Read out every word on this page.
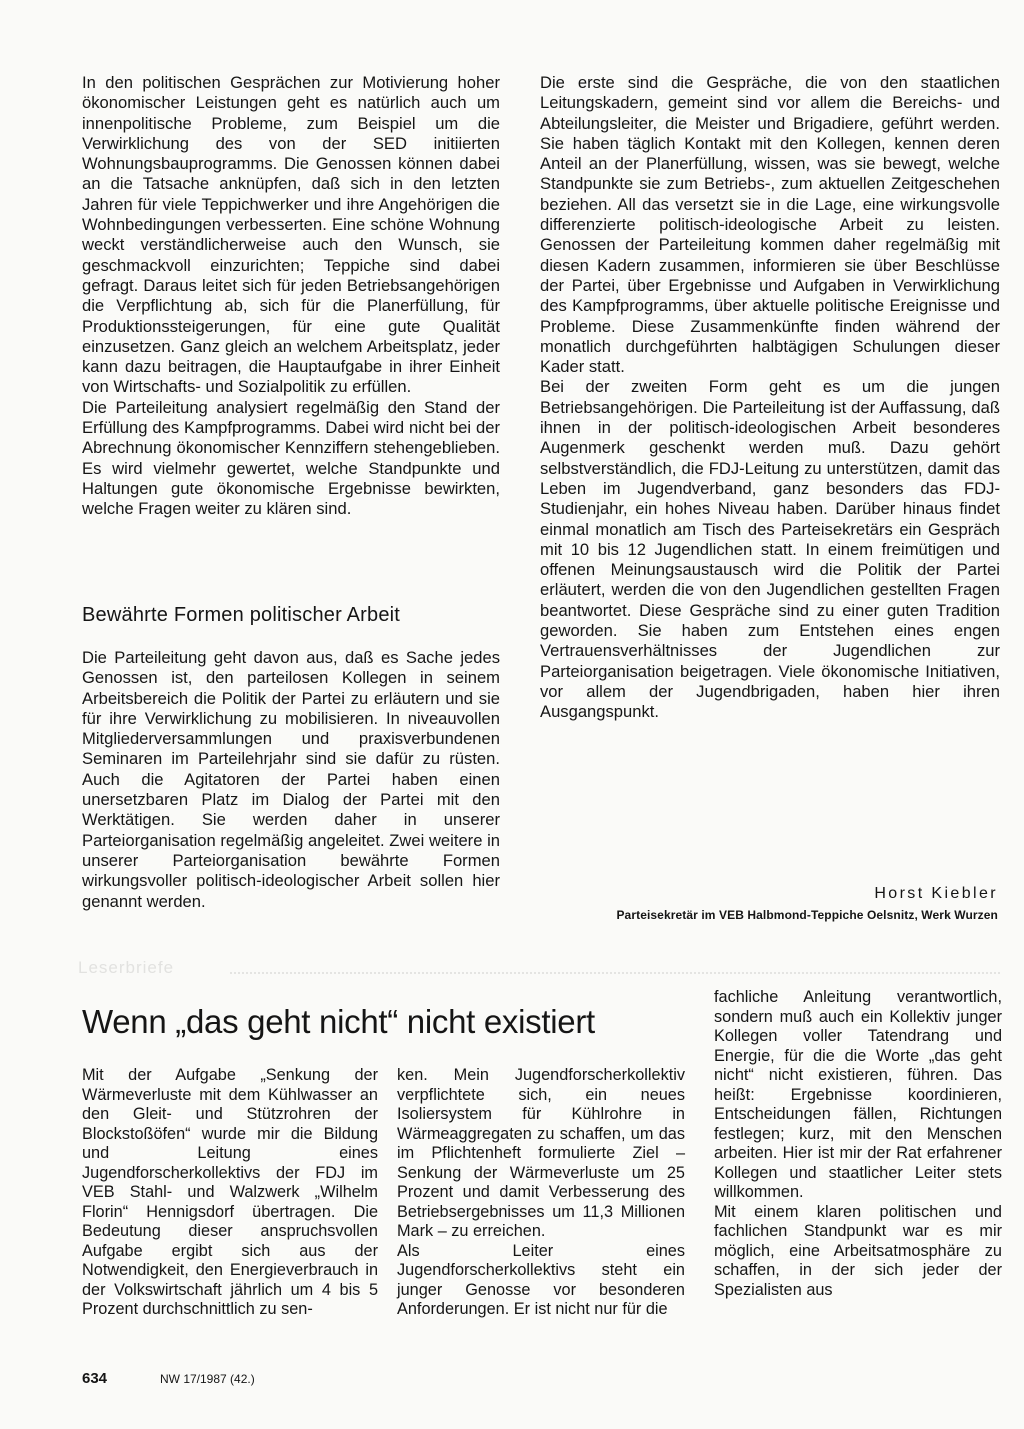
In den politischen Gesprächen zur Motivierung hoher ökonomischer Leistungen geht es natürlich auch um innenpolitische Probleme, zum Beispiel um die Verwirklichung des von der SED initiierten Wohnungsbauprogramms. Die Genossen können dabei an die Tatsache anknüpfen, daß sich in den letzten Jahren für viele Teppichwerker und ihre Angehörigen die Wohnbedingungen verbesserten. Eine schöne Wohnung weckt verständlicherweise auch den Wunsch, sie geschmackvoll einzurichten; Teppiche sind dabei gefragt. Daraus leitet sich für jeden Betriebsangehörigen die Verpflichtung ab, sich für die Planerfüllung, für Produktionssteigerungen, für eine gute Qualität einzusetzen. Ganz gleich an welchem Arbeitsplatz, jeder kann dazu beitragen, die Hauptaufgabe in ihrer Einheit von Wirtschafts- und Sozialpolitik zu erfüllen.

Die Parteileitung analysiert regelmäßig den Stand der Erfüllung des Kampfprogramms. Dabei wird nicht bei der Abrechnung ökonomischer Kennziffern stehengeblieben. Es wird vielmehr gewertet, welche Standpunkte und Haltungen gute ökonomische Ergebnisse bewirkten, welche Fragen weiter zu klären sind.

Bewährte Formen politischer Arbeit

Die Parteileitung geht davon aus, daß es Sache jedes Genossen ist, den parteilosen Kollegen in seinem Arbeitsbereich die Politik der Partei zu erläutern und sie für ihre Verwirklichung zu mobilisieren. In niveauvollen Mitgliederversammlungen und praxisverbundenen Seminaren im Parteilehrjahr sind sie dafür zu rüsten. Auch die Agitatoren der Partei haben einen unersetzbaren Platz im Dialog der Partei mit den Werktätigen. Sie werden daher in unserer Parteiorganisation regelmäßig angeleitet. Zwei weitere in unserer Parteiorganisation bewährte Formen wirkungsvoller politisch-ideologischer Arbeit sollen hier genannt werden.

Die erste sind die Gespräche, die von den staatlichen Leitungskadern, gemeint sind vor allem die Bereichs- und Abteilungsleiter, die Meister und Brigadiere, geführt werden. Sie haben täglich Kontakt mit den Kollegen, kennen deren Anteil an der Planerfüllung, wissen, was sie bewegt, welche Standpunkte sie zum Betriebs-, zum aktuellen Zeitgeschehen beziehen. All das versetzt sie in die Lage, eine wirkungsvolle differenzierte politisch-ideologische Arbeit zu leisten. Genossen der Parteileitung kommen daher regelmäßig mit diesen Kadern zusammen, informieren sie über Beschlüsse der Partei, über Ergebnisse und Aufgaben in Verwirklichung des Kampfprogramms, über aktuelle politische Ereignisse und Probleme. Diese Zusammenkünfte finden während der monatlich durchgeführten halbtägigen Schulungen dieser Kader statt.

Bei der zweiten Form geht es um die jungen Betriebsangehörigen. Die Parteileitung ist der Auffassung, daß ihnen in der politisch-ideologischen Arbeit besonderes Augenmerk geschenkt werden muß. Dazu gehört selbstverständlich, die FDJ-Leitung zu unterstützen, damit das Leben im Jugendverband, ganz besonders das FDJ-Studienjahr, ein hohes Niveau haben. Darüber hinaus findet einmal monatlich am Tisch des Parteisekretärs ein Gespräch mit 10 bis 12 Jugendlichen statt. In einem freimütigen und offenen Meinungsaustausch wird die Politik der Partei erläutert, werden die von den Jugendlichen gestellten Fragen beantwortet. Diese Gespräche sind zu einer guten Tradition geworden. Sie haben zum Entstehen eines engen Vertrauensverhältnisses der Jugendlichen zur Parteiorganisation beigetragen. Viele ökonomische Initiativen, vor allem der Jugendbrigaden, haben hier ihren Ausgangspunkt.

Horst Kiebler

Parteisekretär im VEB Halbmond-Teppiche Oelsnitz, Werk Wurzen

Leserbriefe

Wenn „das geht nicht“ nicht existiert

Mit der Aufgabe „Senkung der Wärmeverluste mit dem Kühlwasser an den Gleit- und Stützrohren der Blockstoßöfen“ wurde mir die Bildung und Leitung eines Jugendforscherkollektivs der FDJ im VEB Stahl- und Walzwerk „Wilhelm Florin“ Hennigsdorf übertragen. Die Bedeutung dieser anspruchsvollen Aufgabe ergibt sich aus der Notwendigkeit, den Energieverbrauch in der Volkswirtschaft jährlich um 4 bis 5 Prozent durchschnittlich zu sen-

ken. Mein Jugendforscherkollektiv verpflichtete sich, ein neues Isoliersystem für Kühlrohre in Wärmeaggregaten zu schaffen, um das im Pflichtenheft formulierte Ziel – Senkung der Wärmeverluste um 25 Prozent und damit Verbesserung des Betriebsergebnisses um 11,3 Millionen Mark – zu erreichen.

Als Leiter eines Jugendforscherkollektivs steht ein junger Genosse vor besonderen Anforderungen. Er ist nicht nur für die

fachliche Anleitung verantwortlich, sondern muß auch ein Kollektiv junger Kollegen voller Tatendrang und Energie, für die die Worte „das geht nicht“ nicht existieren, führen. Das heißt: Ergebnisse koordinieren, Entscheidungen fällen, Richtungen festlegen; kurz, mit den Menschen arbeiten. Hier ist mir der Rat erfahrener Kollegen und staatlicher Leiter stets willkommen.

Mit einem klaren politischen und fachlichen Standpunkt war es mir möglich, eine Arbeitsatmosphäre zu schaffen, in der sich jeder der Spezialisten aus

634	NW 17/1987 (42.)
